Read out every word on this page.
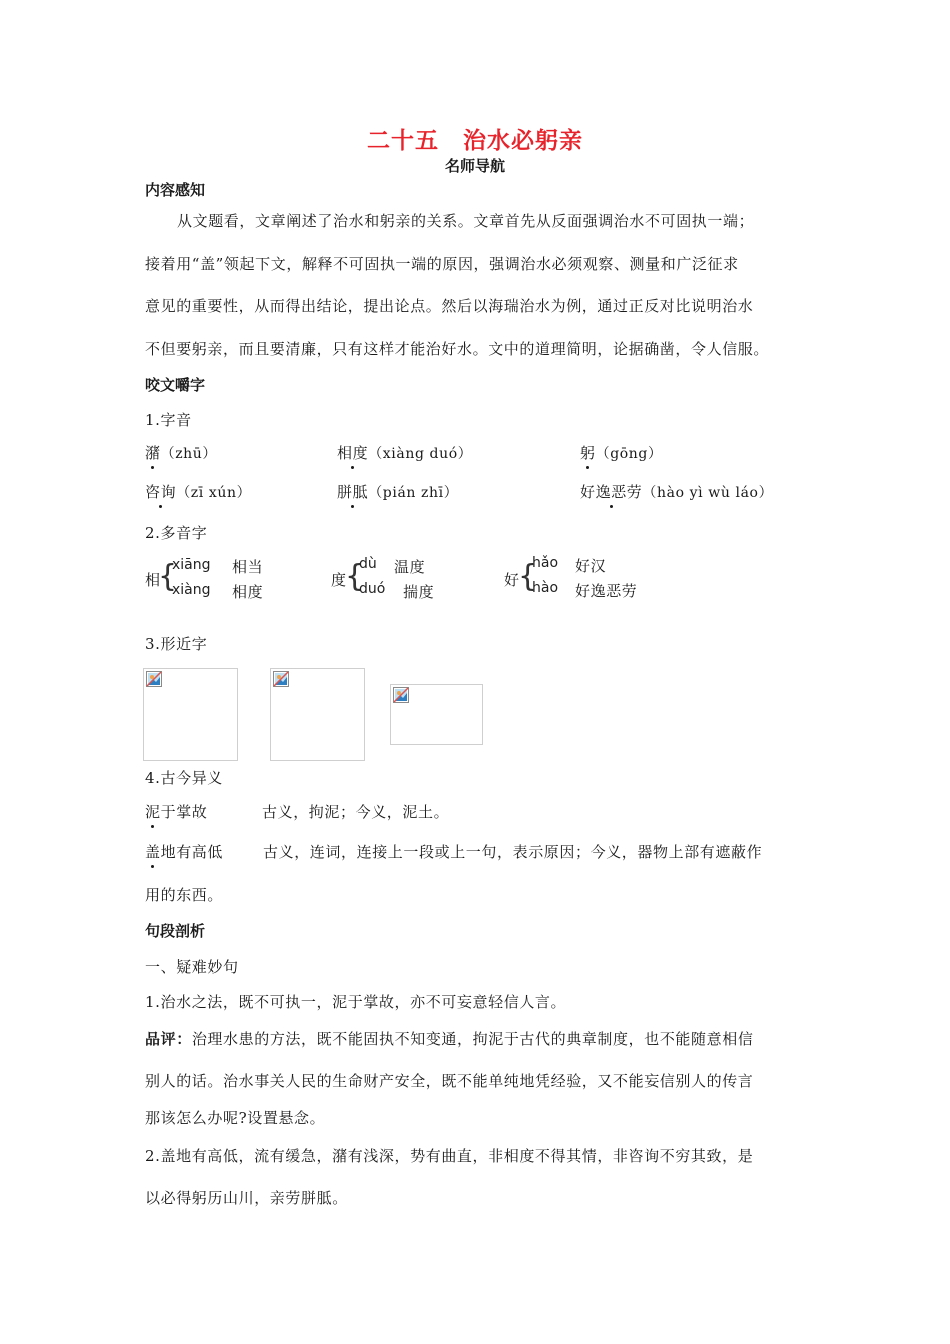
二十五　治水必躬亲
名师导航
内容感知
从文题看，文章阐述了治水和躬亲的关系。文章首先从反面强调治水不可固执一端；
接着用“盖”领起下文，解释不可固执一端的原因，强调治水必须观察、测量和广泛征求
意见的重要性，从而得出结论，提出论点。然后以海瑞治水为例，通过正反对比说明治水
不但要躬亲，而且要清廉，只有这样才能治好水。文中的道理简明，论据确凿，令人信服。
咬文嚼字
1.字音
潴（zhū）	相度（xiàng duó）	躬（gōng）
咨询（zī xún）	胼胝（pián zhī）	好逸恶劳（hào yì wù láo）
2.多音字
相
{
xiāng 相当
xiàng 相度
度
{
dù 温度
duó 揣度
好
{
hǎo 好汉
hào 好逸恶劳
3.形近字
4.古今异义
泥于掌故	古义，拘泥；今义，泥土。
盖地有高低	古义，连词，连接上一段或上一句，表示原因；今义，器物上部有遮蔽作
用的东西。
句段剖析
一、疑难妙句
1.治水之法，既不可执一，泥于掌故，亦不可妄意轻信人言。
品评：治理水患的方法，既不能固执不知变通，拘泥于古代的典章制度，也不能随意相信
别人的话。治水事关人民的生命财产安全，既不能单纯地凭经验，又不能妄信别人的传言
那该怎么办呢?设置悬念。
2.盖地有高低，流有缓急，潴有浅深，势有曲直，非相度不得其情，非咨询不穷其致，是
以必得躬历山川，亲劳胼胝。
